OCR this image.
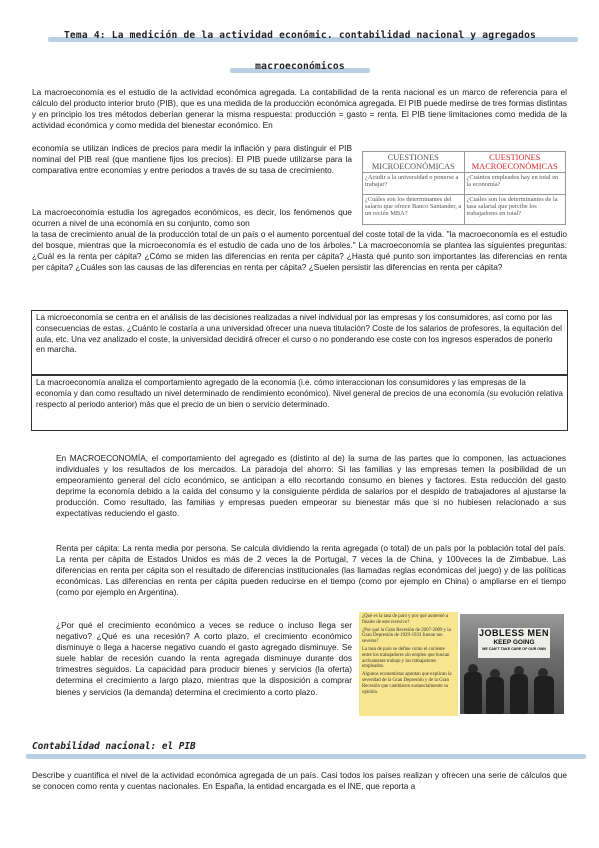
Tema 4: La medición de la actividad económic. contabilidad nacional y agregados
macroeconómicos
La macroeconomía es el estudio de la actividad económica agregada. La contabilidad de la renta nacional es un marco de referencia para el cálculo del producto interior bruto (PIB), que es una medida de la producción económica agregada. El PIB puede medirse de tres formas distintas y en principio los tres métodos deberían generar la misma respuesta: producción = gasto = renta. El PIB tiene limitaciones como medida de la actividad económica y como medida del bienestar económico. En
economía se utilizan índices de precios para medir la inflación y para distinguir el PIB nominal del PIB real (que mantiene fijos los precios). El PIB puede utilizarse para la comparativa entre economías y entre periodos a través de su tasa de crecimiento.
La macroeconomía estudia los agregados económicos, es decir, los fenómenos que ocurren a nivel de una economía en su conjunto, como son
la tasa de crecimiento anual de la producción total de un país o el aumento porcentual del coste total de la vida. "la macroeconomía es el estudio del bosque, mientras que la microeconomía es el estudio de cada uno de los árboles." La macroeconomía se plantea las siguientes preguntas: ¿Cuál es la renta per cápita? ¿Cómo se miden las diferencias en renta per cápita? ¿Hasta qué punto son importantes las diferencias en renta per cápita? ¿Cuáles son las causas de las diferencias en renta per cápita? ¿Suelen persistir las diferencias en renta per cápita?
CUESTIONES MICROECONÓMICAS	CUESTIONES MACROECONÓMICAS
¿Acudir a la universidad o ponerse a trabajar?	¿Cuántos empleados hay en total en la economía?
¿Cuáles son los determinantes del salario que ofrece Banco Santander, a un recién MBA?	¿Cuáles son los determinantes de la tasa salarial que percibe los trabajadores en total?
La microeconomía se centra en el análisis de las decisiones realizadas a nivel individual por las empresas y los consumidores, así como por las consecuencias de estas. ¿Cuánto le costaría a una universidad ofrecer una nueva titulación? Coste de los salarios de profesores, la equitación del aula, etc. Una vez analizado el coste, la universidad decidirá ofrecer el curso o no ponderando ese coste con los ingresos esperados de ponerlo en marcha.
La macroeconomía analiza el comportamiento agregado de la economía (i.e. cómo interaccionan los consumidores y las empresas de la economía y dan como resultado un nivel determinado de rendimiento económico). Nivel general de precios de una economía (su evolución relativa respecto al periodo anterior) más que el precio de un bien o servicio determinado.
En MACROECONOMÍA, el comportamiento del agregado es (distinto al de) la suma de las partes que lo componen, las actuaciones individuales y los resultados de los mercados. La paradoja del ahorro: Si las familias y las empresas temen la posibilidad de un empeoramiento general del ciclo económico, se anticipan a ello recortando consumo en bienes y factores. Esta reducción del gasto deprime la economía debido a la caída del consumo y la consiguiente pérdida de salarios por el despido de trabajadores al ajustarse la producción. Como resultado, las familias y empresas pueden empeorar su bienestar más que si no hubiesen relacionado a sus expectativas reduciendo el gasto.
Renta per cápita: La renta media por persona. Se calcula dividiendo la renta agregada (o total) de un país por la población total del país. La renta per cápita de Estados Unidos es más de 2 veces la de Portugal, 7 veces la de China, y 100veces la de Zimbabue. Las diferencias en renta per cápita son el resultado de diferencias institucionales (las llamadas reglas económicas del juego) y de las políticas económicas. Las diferencias en renta per cápita pueden reducirse en el tiempo (como por ejemplo en China) o ampliarse en el tiempo (como por ejemplo en Argentina).
¿Por qué el crecimiento económico a veces se reduce o incluso llega ser negativo? ¿Qué es una recesión? A corto plazo, el crecimiento económico disminuye o llega a hacerse negativo cuando el gasto agregado disminuye. Se suele hablar de recesión cuando la renta agregada disminuye durante dos trimestres seguidos. La capacidad para producir bienes y servicios (la oferta) determina el crecimiento a largo plazo, mientras que la disposición a comprar bienes y servicios (la demanda) determina el crecimiento a corto plazo.

¿Qué es la tasa de paro y por qué aumentó a finales de este recesivo?

¿Por qué la Gran Recesión de 2007-2009 y la Gran Depresión de 1929-1933 fueron tan severas?

La tasa de paro se define como el cociente entre los trabajadores sin empleo que buscan activamente trabajo y los trabajadores empleados.

Algunos economistas apuntan que explican la severidad de la Gran Depresión y de la Gran Recesión que cambiaron sustancialmente su opinión.

JOBLESS MEN
KEEP GOING
WE CAN'T TAKE CARE OF OUR OWN
Contabilidad nacional: el PIB
Describe y cuantifica el nivel de la actividad económica agregada de un país. Casi todos los países realizan y ofrecen una serie de cálculos que se conocen como renta y cuentas nacionales. En España, la entidad encargada es el INE, que reporta a
